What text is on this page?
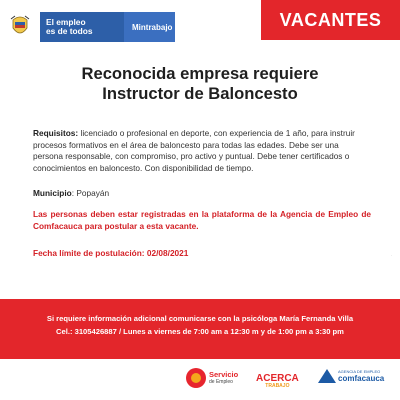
El empleo
es de todos	Mintrabajo	VACANTES
Reconocida empresa requiere
Instructor de Baloncesto
Requisitos: licenciado o profesional en deporte, con experiencia de 1 año, para instruir procesos formativos en el área de baloncesto para todas las edades. Debe ser una persona responsable, con compromiso, pro activo y puntual. Debe tener certificados o conocimientos en baloncesto. Con disponibilidad de tiempo.
Municipio: Popayán
Las personas deben estar registradas en la plataforma de la Agencia de Empleo de Comfacauca para postular a esta vacante.
Fecha límite de postulación: 02/08/2021	·
Si requiere información adicional comunicarse con la psicóloga María Fernanda Villa
Cel.: 3105426887 / Lunes a viernes de 7:00 am a 12:30 m y de 1:00 pm a 3:30 pm
Servicio
de Empleo	ACERCA
TRABAJO
AGENCIA DE EMPLEO
comfacauca
